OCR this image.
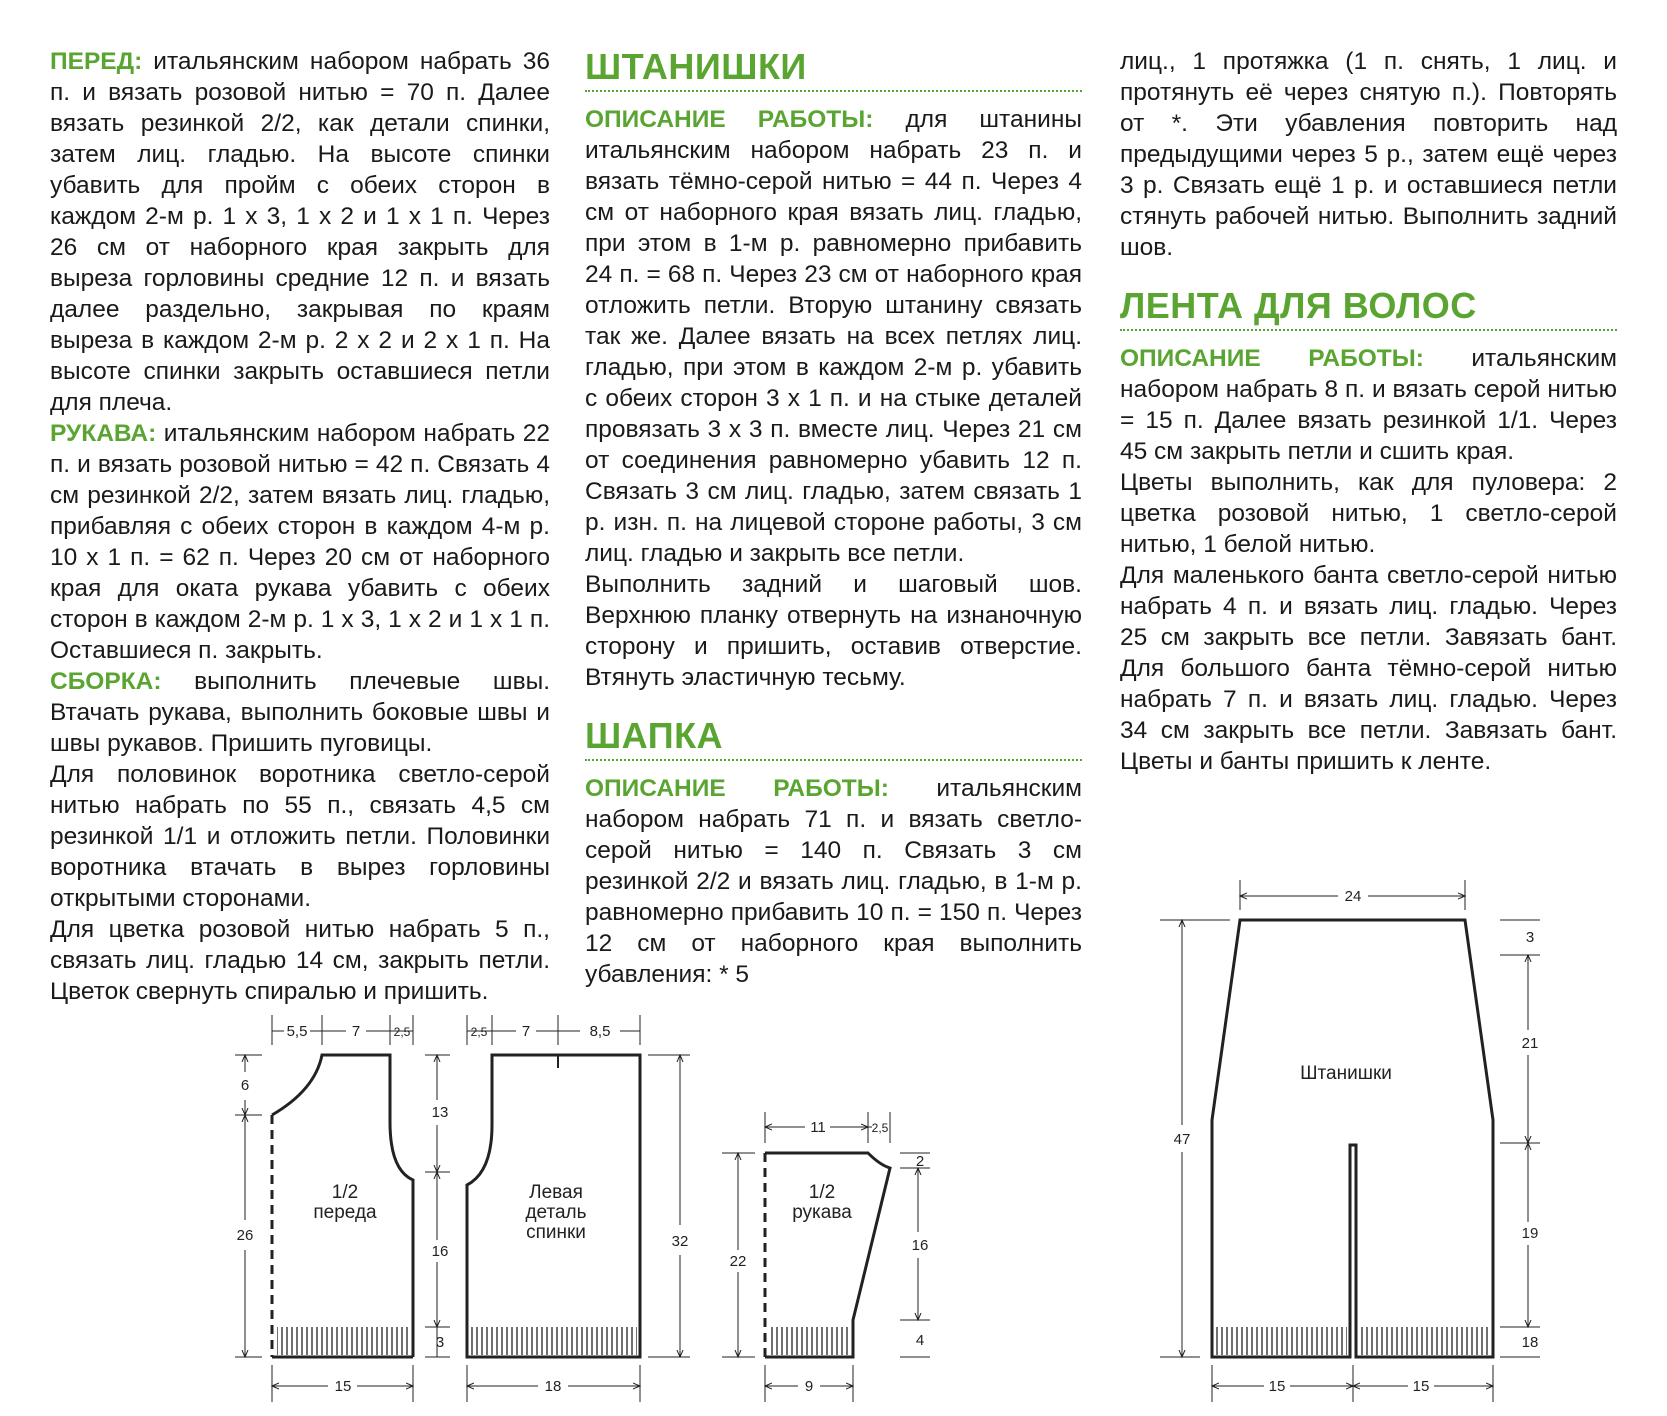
ПЕРЕД: итальянским набором набрать 36 п. и вязать розовой нитью = 70 п. Далее вязать резинкой 2/2, как детали спинки, затем лиц. гладью. На высоте спинки убавить для пройм с обеих сторон в каждом 2-м р. 1 х 3, 1 х 2 и 1 х 1 п. Через 26 см от наборного края закрыть для выреза горловины средние 12 п. и вязать далее раздельно, закрывая по краям выреза в каждом 2-м р. 2 х 2 и 2 х 1 п. На высоте спинки закрыть оставшиеся петли для плеча.

РУКАВА: итальянским набором набрать 22 п. и вязать розовой нитью = 42 п. Связать 4 см резинкой 2/2, затем вязать лиц. гладью, прибавляя с обеих сторон в каждом 4-м р. 10 х 1 п. = 62 п. Через 20 см от наборного края для оката рукава убавить с обеих сторон в каждом 2-м р. 1 х 3, 1 х 2 и 1 х 1 п. Оставшиеся п. закрыть.

СБОРКА: выполнить плечевые швы. Втачать рукава, выполнить боковые швы и швы рукавов. Пришить пуговицы.

Для половинок воротника светло-серой нитью набрать по 55 п., связать 4,5 см резинкой 1/1 и отложить петли. Половинки воротника втачать в вырез горловины открытыми сторонами.

Для цветка розовой нитью набрать 5 п., связать лиц. гладью 14 см, закрыть петли. Цветок свернуть спиралью и пришить.

ШТАНИШКИ

ОПИСАНИЕ РАБОТЫ: для штанины итальянским набором набрать 23 п. и вязать тёмно-серой нитью = 44 п. Через 4 см от наборного края вязать лиц. гладью, при этом в 1-м р. равномерно прибавить 24 п. = 68 п. Через 23 см от наборного края отложить петли. Вторую штанину связать так же. Далее вязать на всех петлях лиц. гладью, при этом в каждом 2-м р. убавить с обеих сторон 3 х 1 п. и на стыке деталей провязать 3 х 3 п. вместе лиц. Через 21 см от соединения равномерно убавить 12 п. Связать 3 см лиц. гладью, затем связать 1 р. изн. п. на лицевой стороне работы, 3 см лиц. гладью и закрыть все петли.

Выполнить задний и шаговый шов. Верхнюю планку отвернуть на изнаночную сторону и пришить, оставив отверстие. Втянуть эластичную тесьму.

ШАПКА

ОПИСАНИЕ РАБОТЫ: итальянским набором набрать 71 п. и вязать светло-серой нитью = 140 п. Связать 3 см резинкой 2/2 и вязать лиц. гладью, в 1-м р. равномерно прибавить 10 п. = 150 п. Через 12 см от наборного края выполнить убавления: * 5

лиц., 1 протяжка (1 п. снять, 1 лиц. и протянуть её через снятую п.). Повторять от *. Эти убавления повторить над предыдущими через 5 р., затем ещё через 3 р. Связать ещё 1 р. и оставшиеся петли стянуть рабочей нитью. Выполнить задний шов.

ЛЕНТА ДЛЯ ВОЛОС

ОПИСАНИЕ РАБОТЫ: итальянским набором набрать 8 п. и вязать серой нитью = 15 п. Далее вязать резинкой 1/1. Через 45 см закрыть петли и сшить края.

Цветы выполнить, как для пуловера: 2 цветка розовой нитью, 1 светло-серой нитью, 1 белой нитью.

Для маленького банта светло-серой нитью набрать 4 п. и вязать лиц. гладью. Через 25 см закрыть все петли. Завязать бант. Для большого банта тёмно-серой нитью набрать 7 п. и вязать лиц. гладью. Через 34 см закрыть все петли. Завязать бант. Цветы и банты пришить к ленте.

5,5	7	2,5
6
26
13
16
3
15
1/2
переда
2,5 7	8,5
32
18
Левая
деталь
спинки
11	2,5
22
2
16
4
9
1/2
рукава
24
47
3
21
19
18
15	15
Штанишки
